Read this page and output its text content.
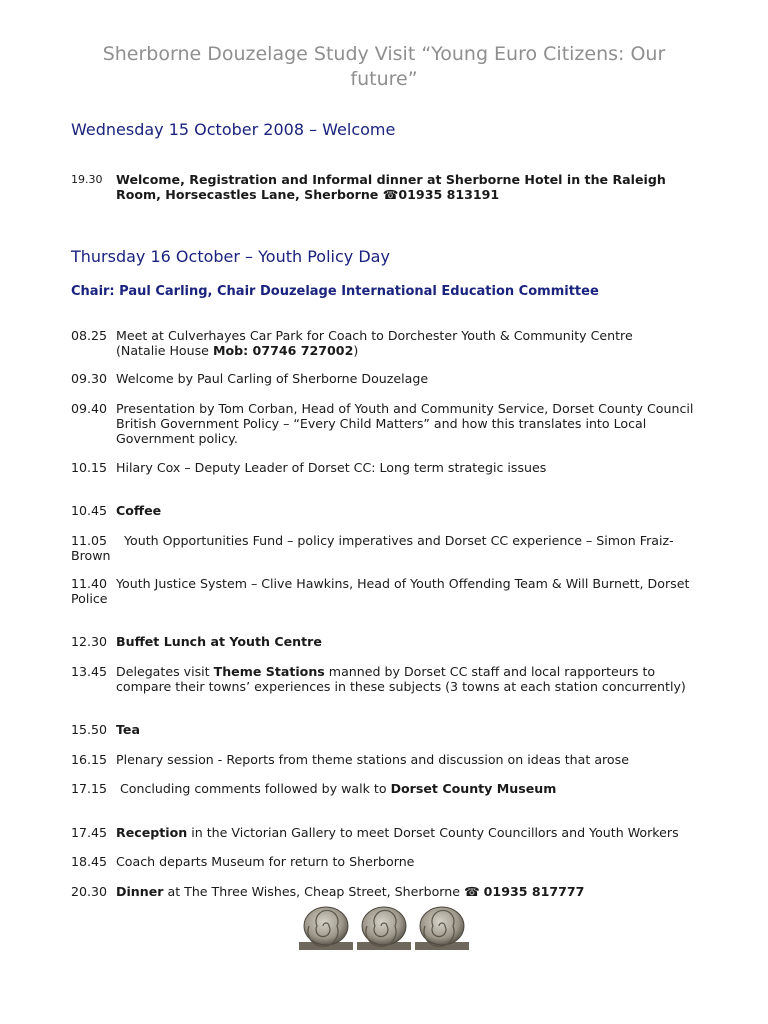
Sherborne Douzelage Study Visit “Young Euro Citizens: Our future”
Wednesday 15 October 2008 – Welcome
19.30	Welcome, Registration and Informal dinner at Sherborne Hotel in the Raleigh Room, Horsecastles Lane, Sherborne ☎01935 813191
Thursday 16 October – Youth Policy Day
Chair: Paul Carling, Chair Douzelage International Education Committee
08.25 Meet at Culverhayes Car Park for Coach to Dorchester Youth & Community Centre
(Natalie House Mob: 07746 727002)
09.30 Welcome by Paul Carling of Sherborne Douzelage
09.40 Presentation by Tom Corban, Head of Youth and Community Service, Dorset County Council British Government Policy – “Every Child Matters” and how this translates into Local Government policy.
10.15 Hilary Cox – Deputy Leader of Dorset CC: Long term strategic issues
10.45 Coffee
11.05 Youth Opportunities Fund – policy imperatives and Dorset CC experience – Simon Fraiz-Brown
11.40 Youth Justice System – Clive Hawkins, Head of Youth Offending Team & Will Burnett, Dorset Police
12.30 Buffet Lunch at Youth Centre
13.45 Delegates visit Theme Stations manned by Dorset CC staff and local rapporteurs to compare their towns’ experiences in these subjects (3 towns at each station concurrently)
15.50 Tea
16.15 Plenary session - Reports from theme stations and discussion on ideas that arose
17.15 Concluding comments followed by walk to Dorset County Museum
17.45 Reception in the Victorian Gallery to meet Dorset County Councillors and Youth Workers
18.45 Coach departs Museum for return to Sherborne
20.30 Dinner at The Three Wishes, Cheap Street, Sherborne ☎ 01935 817777
